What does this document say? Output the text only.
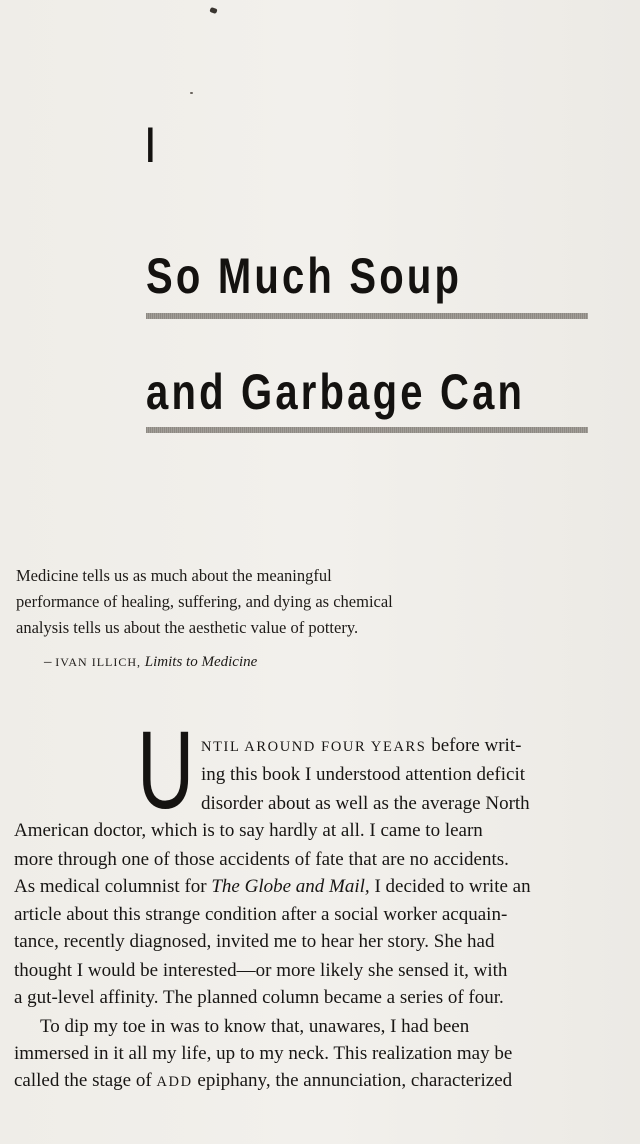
I
So Much Soup
and Garbage Can

Medicine tells us as much about the meaningful

performance of healing, suffering, and dying as chemical

analysis tells us about the aesthetic value of pottery.

– IVAN ILLICH, Limits to Medicine
U NTIL AROUND FOUR YEARS before writ-
ing this book I understood attention deficit
disorder about as well as the average North
American doctor, which is to say hardly at all. I came to learn
more through one of those accidents of fate that are no accidents.
As medical columnist for The Globe and Mail, I decided to write an
article about this strange condition after a social worker acquain-
tance, recently diagnosed, invited me to hear her story. She had
thought I would be interested—or more likely she sensed it, with
a gut-level affinity. The planned column became a series of four.
To dip my toe in was to know that, unawares, I had been
immersed in it all my life, up to my neck. This realization may be
called the stage of ADD epiphany, the annunciation, characterized
